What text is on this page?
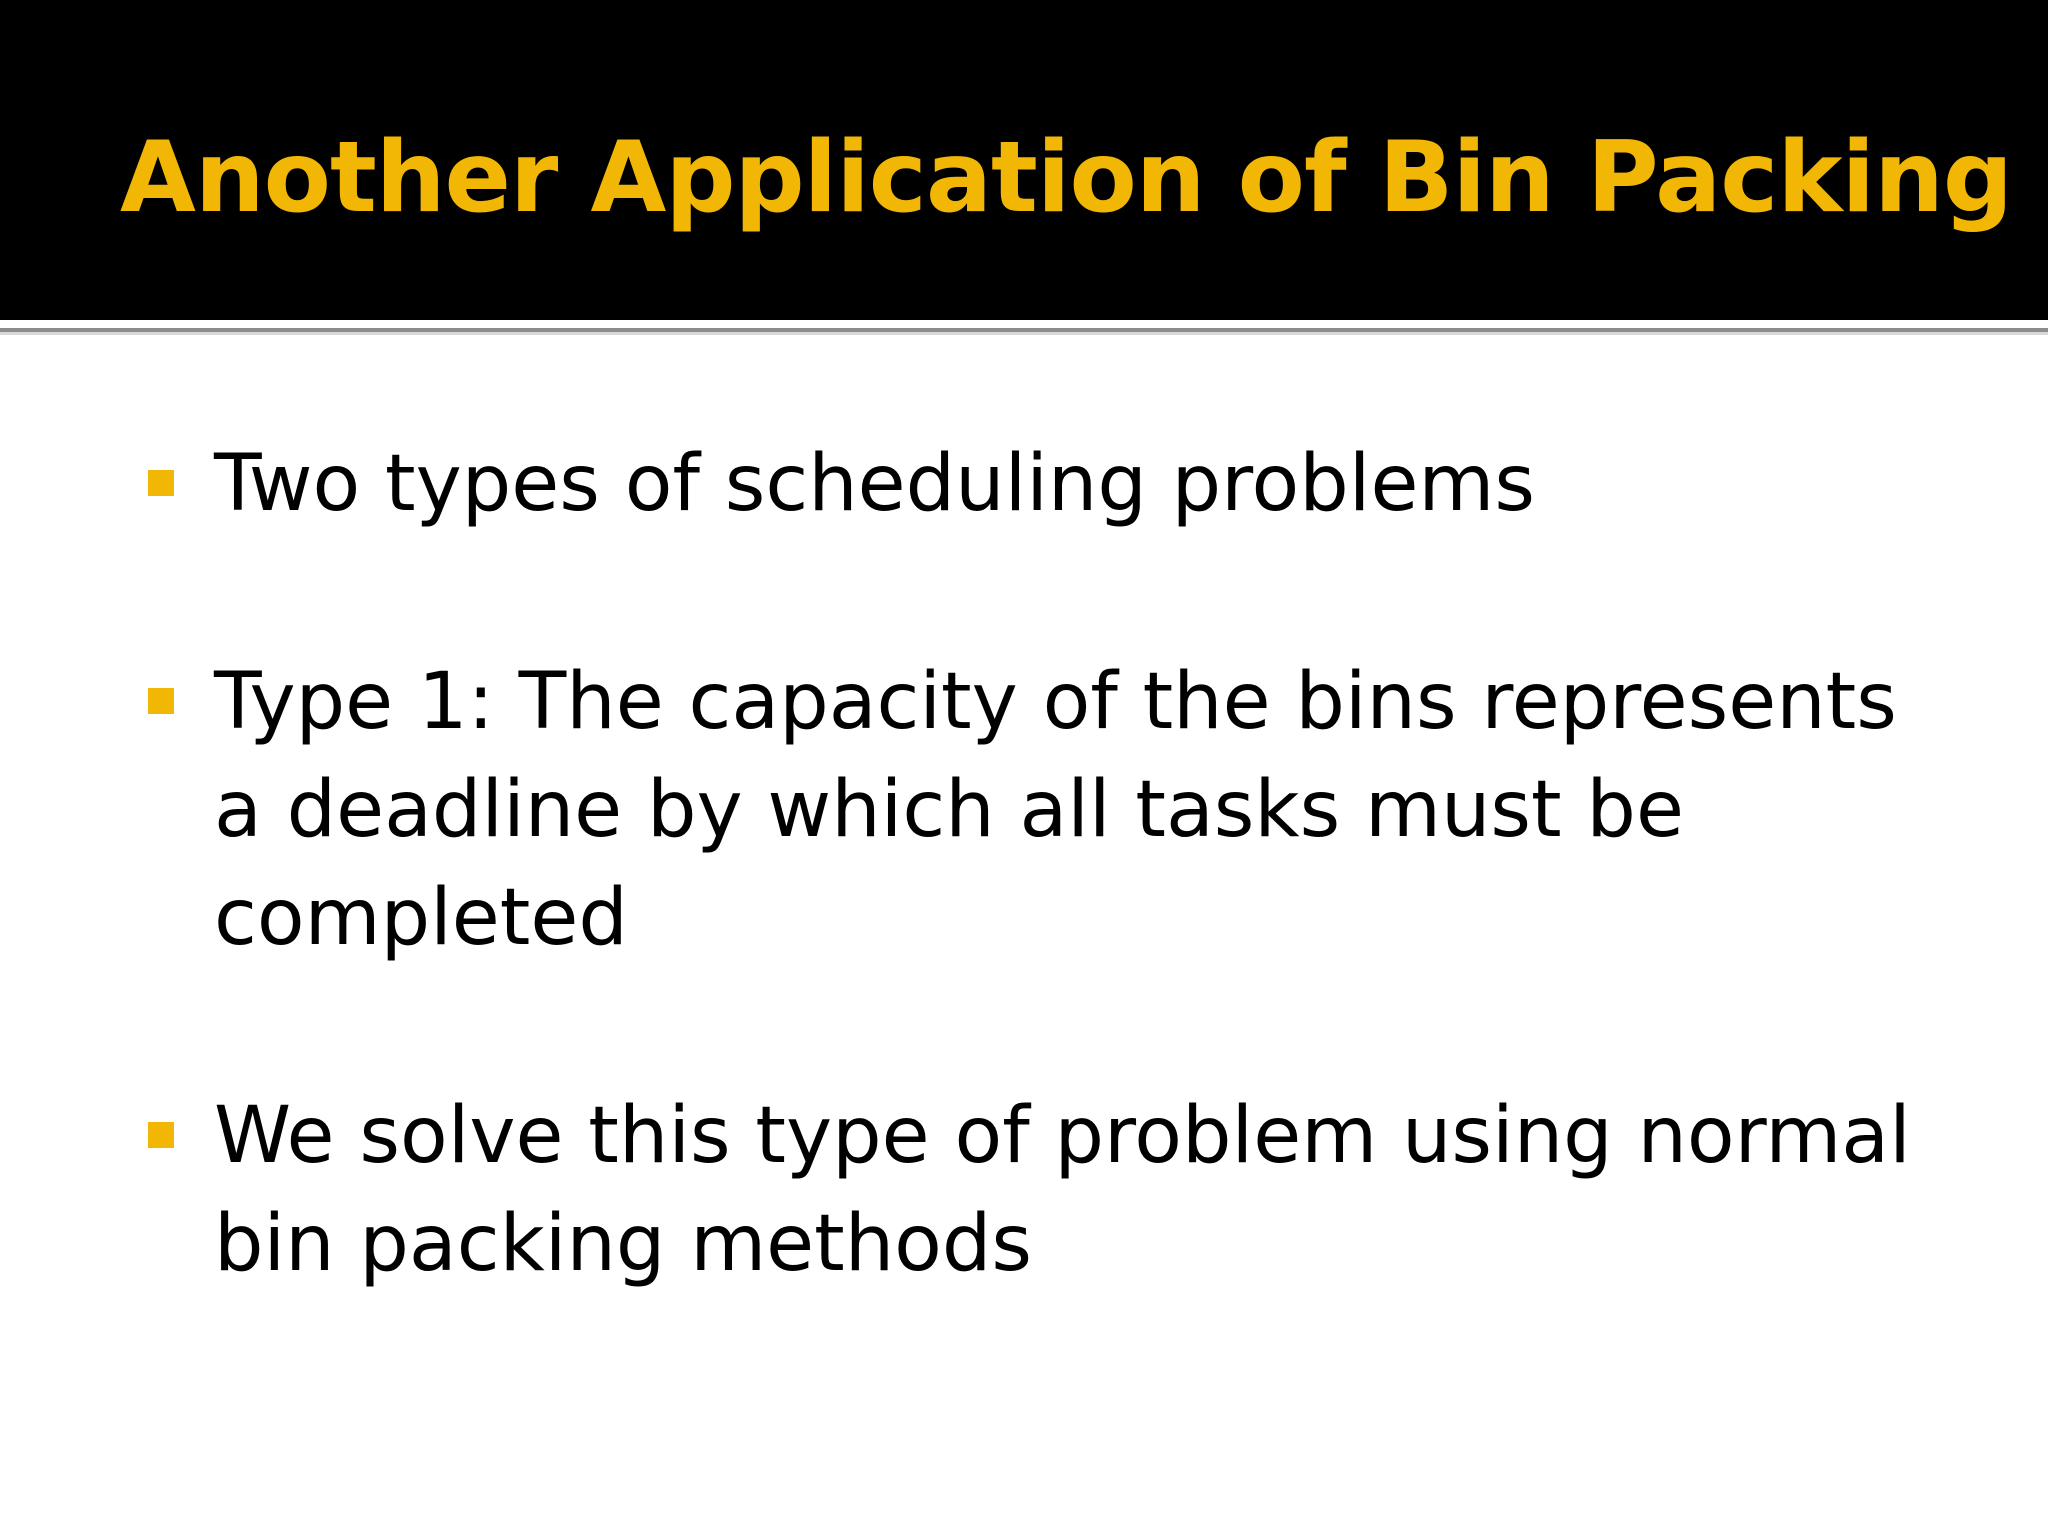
Another Application of Bin Packing
Two types of scheduling problems
Type 1: The capacity of the bins represents a deadline by which all tasks must be completed
We solve this type of problem using normal bin packing methods
